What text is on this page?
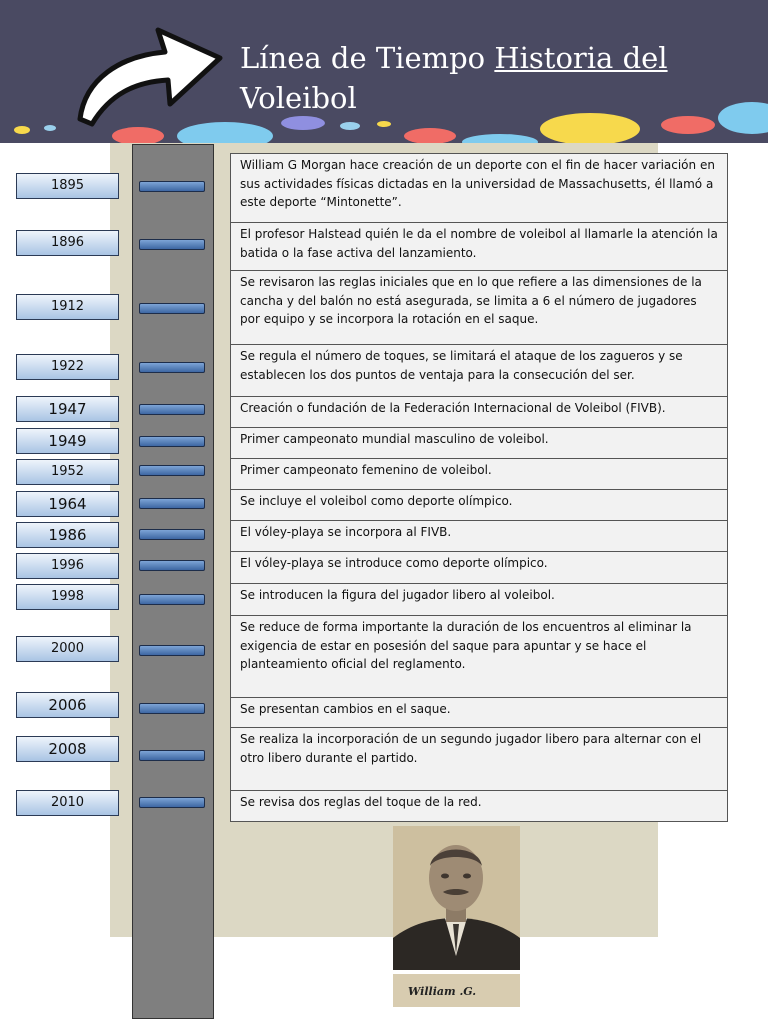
Línea de Tiempo Historia del
Voleibol
1895
1896
1912
1922
1947
1949
1952
1964
1986
1996
1998
2000
2006
2008
2010
William G Morgan hace creación de un deporte con el fin de hacer variación en sus actividades físicas dictadas en la universidad de Massachusetts, él llamó a este deporte “Mintonette”.
El profesor Halstead quién le da el nombre de voleibol al llamarle la atención la batida o la fase activa del lanzamiento.
Se revisaron las reglas iniciales que en lo que refiere a las dimensiones de la cancha y del balón no está asegurada, se limita a 6 el número de jugadores por equipo y se incorpora la rotación en el saque.
Se regula el número de toques, se limitará el ataque de los zagueros y se establecen los dos puntos de ventaja para la consecución del ser.
Creación o fundación de la Federación Internacional de Voleibol (FIVB).
Primer campeonato mundial masculino de voleibol.
Primer campeonato femenino de voleibol.
Se incluye el voleibol como deporte olímpico.
El vóley-playa se incorpora al FIVB.
El vóley-playa se introduce como deporte olímpico.
Se introducen la figura del jugador libero al voleibol.
Se reduce de forma importante la duración de los encuentros al eliminar la exigencia de estar en posesión del saque para apuntar y se hace el planteamiento oficial del reglamento.
Se presentan cambios en el saque.
Se realiza la incorporación de un segundo jugador libero para alternar con el otro libero durante el partido.
Se revisa dos reglas del toque de la red.
William .G.
